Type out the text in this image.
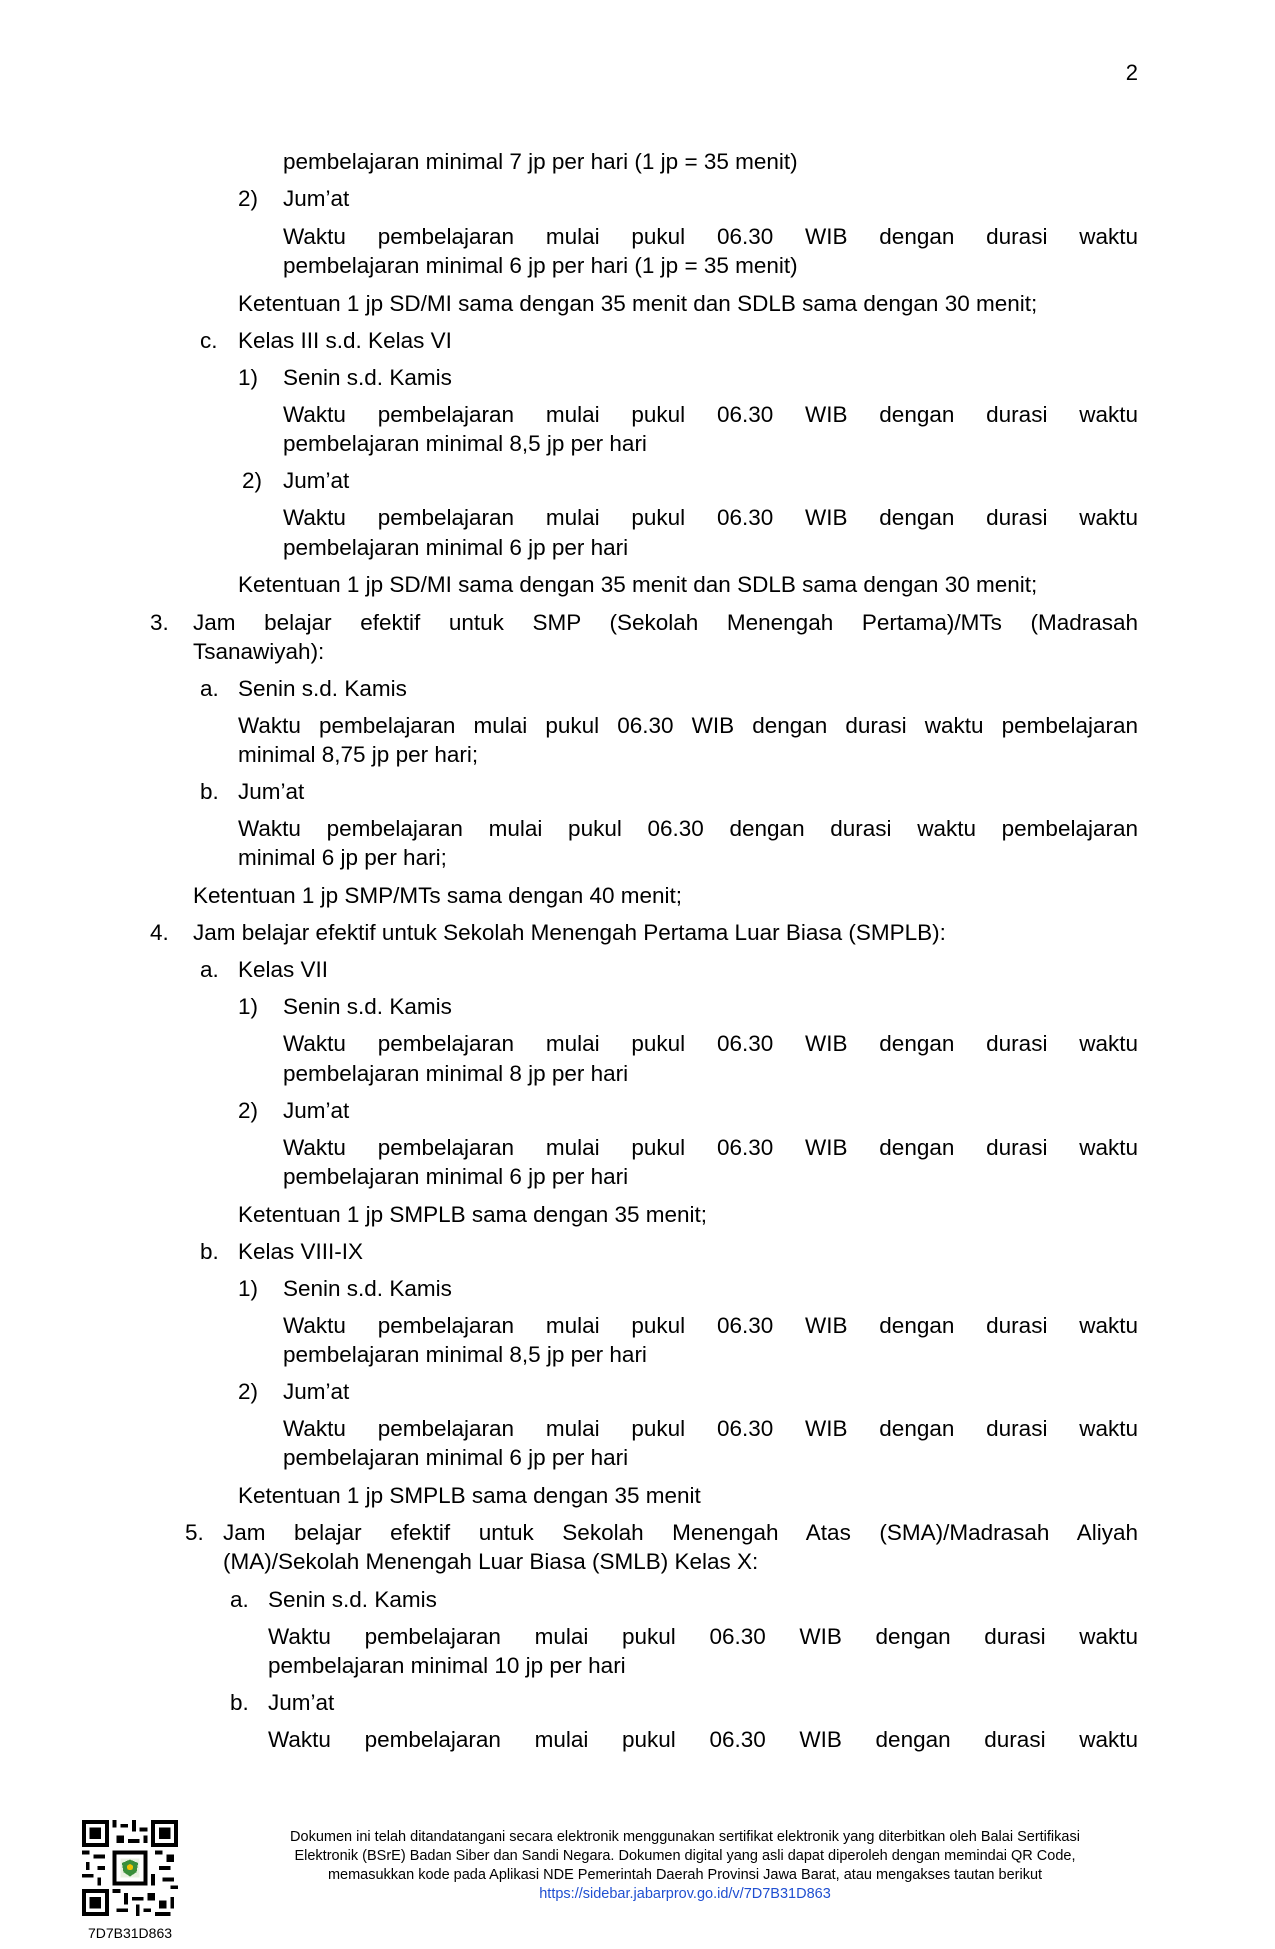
2
pembelajaran minimal 7 jp per hari (1 jp = 35 menit)
2) Jum’at
Waktu pembelajaran mulai pukul 06.30 WIB dengan durasi waktu
pembelajaran minimal 6 jp per hari (1 jp = 35 menit)
Ketentuan 1 jp SD/MI sama dengan 35 menit dan SDLB sama dengan 30 menit;
c. Kelas III s.d. Kelas VI
1) Senin s.d. Kamis
Waktu pembelajaran mulai pukul 06.30 WIB dengan durasi waktu
pembelajaran minimal 8,5 jp per hari
2) Jum’at
Waktu pembelajaran mulai pukul 06.30 WIB dengan durasi waktu
pembelajaran minimal 6 jp per hari
Ketentuan 1 jp SD/MI sama dengan 35 menit dan SDLB sama dengan 30 menit;
3. Jam belajar efektif untuk SMP (Sekolah Menengah Pertama)/MTs (Madrasah
Tsanawiyah):
a. Senin s.d. Kamis
Waktu pembelajaran mulai pukul 06.30 WIB dengan durasi waktu pembelajaran
minimal 8,75 jp per hari;
b. Jum’at
Waktu pembelajaran mulai pukul 06.30 dengan durasi waktu pembelajaran
minimal 6 jp per hari;
Ketentuan 1 jp SMP/MTs sama dengan 40 menit;
4. Jam belajar efektif untuk Sekolah Menengah Pertama Luar Biasa (SMPLB):
a. Kelas VII
1) Senin s.d. Kamis
Waktu pembelajaran mulai pukul 06.30 WIB dengan durasi waktu
pembelajaran minimal 8 jp per hari
2) Jum’at
Waktu pembelajaran mulai pukul 06.30 WIB dengan durasi waktu
pembelajaran minimal 6 jp per hari
Ketentuan 1 jp SMPLB sama dengan 35 menit;
b. Kelas VIII-IX
1) Senin s.d. Kamis
Waktu pembelajaran mulai pukul 06.30 WIB dengan durasi waktu
pembelajaran minimal 8,5 jp per hari
2) Jum’at
Waktu pembelajaran mulai pukul 06.30 WIB dengan durasi waktu
pembelajaran minimal 6 jp per hari
Ketentuan 1 jp SMPLB sama dengan 35 menit
5. Jam belajar efektif untuk Sekolah Menengah Atas (SMA)/Madrasah Aliyah
(MA)/Sekolah Menengah Luar Biasa (SMLB) Kelas X:
a. Senin s.d. Kamis
Waktu pembelajaran mulai pukul 06.30 WIB dengan durasi waktu
pembelajaran minimal 10 jp per hari
b. Jum’at
Waktu pembelajaran mulai pukul 06.30 WIB dengan durasi waktu
7D7B31D863
Dokumen ini telah ditandatangani secara elektronik menggunakan sertifikat elektronik yang diterbitkan oleh Balai Sertifikasi
Elektronik (BSrE) Badan Siber dan Sandi Negara. Dokumen digital yang asli dapat diperoleh dengan memindai QR Code,
memasukkan kode pada Aplikasi NDE Pemerintah Daerah Provinsi Jawa Barat, atau mengakses tautan berikut
https://sidebar.jabarprov.go.id/v/7D7B31D863
